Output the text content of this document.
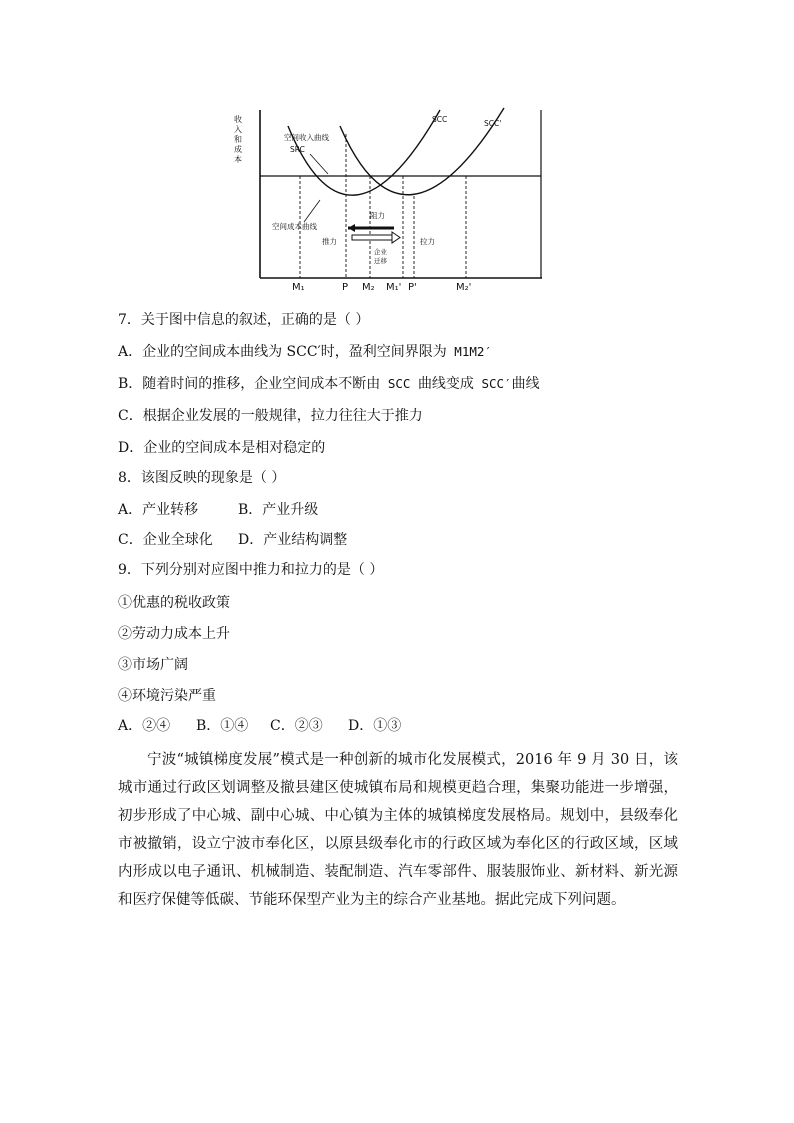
收 入 和 成 本
空间收入曲线
SRC
SCC	SCC'
空间成本曲线
阻力
推力	拉力
企业
迁移
M₁	P M₂ M₁' P'	M₂'
7．关于图中信息的叙述，正确的是（ ）
A．企业的空间成本曲线为 SCC′时，盈利空间界限为 M1M2′
B．随着时间的推移，企业空间成本不断由 SCC 曲线变成 SCC′曲线
C．根据企业发展的一般规律，拉力往往大于推力
D．企业的空间成本是相对稳定的
8．该图反映的现象是（ ）
A．产业转移	B．产业升级
C．企业全球化 D．产业结构调整
9．下列分别对应图中推力和拉力的是（ ）
①优惠的税收政策
②劳动力成本上升
③市场广阔
④环境污染严重
A．②④ B．①④ C．②③ D．①③
宁波“城镇梯度发展”模式是一种创新的城市化发展模式，2016 年 9 月 30 日，该城市通过行政区划调整及撤县建区使城镇布局和规模更趋合理，集聚功能进一步增强，初步形成了中心城、副中心城、中心镇为主体的城镇梯度发展格局。规划中，县级奉化市被撤销，设立宁波市奉化区，以原县级奉化市的行政区域为奉化区的行政区域，区域内形成以电子通讯、机械制造、装配制造、汽车零部件、服装服饰业、新材料、新光源和医疗保健等低碳、节能环保型产业为主的综合产业基地。据此完成下列问题。
